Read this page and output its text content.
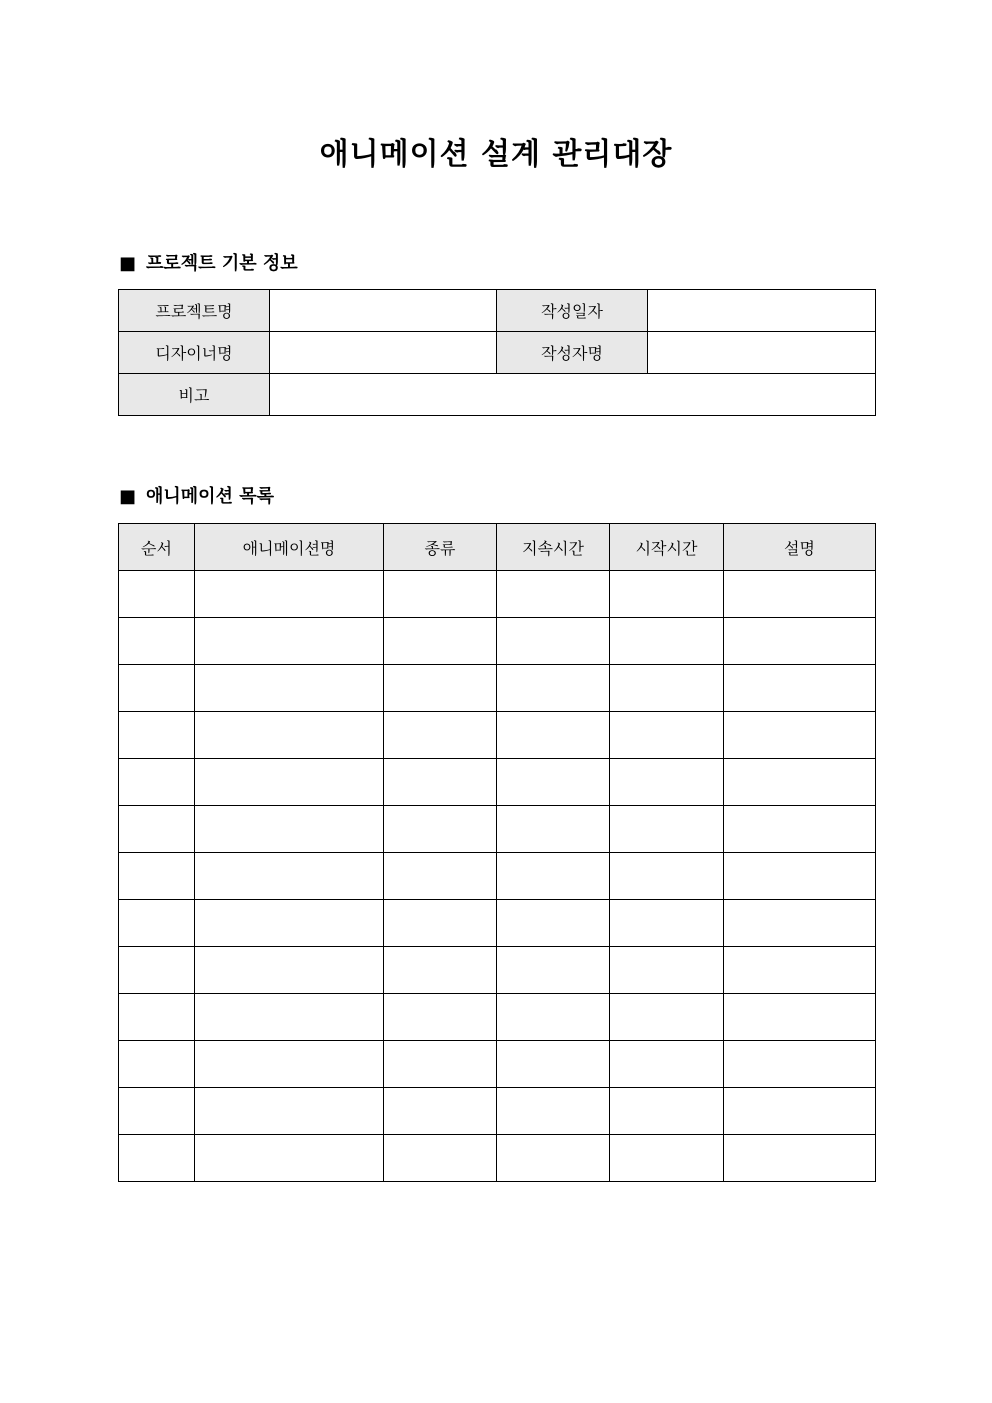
애니메이션 설계 관리대장
■ 프로젝트 기본 정보
프로젝트명		작성일자	
디자이너명		작성자명	
비고			
■ 애니메이션 목록
순서	애니메이션명	종류	지속시간	시작시간	설명
